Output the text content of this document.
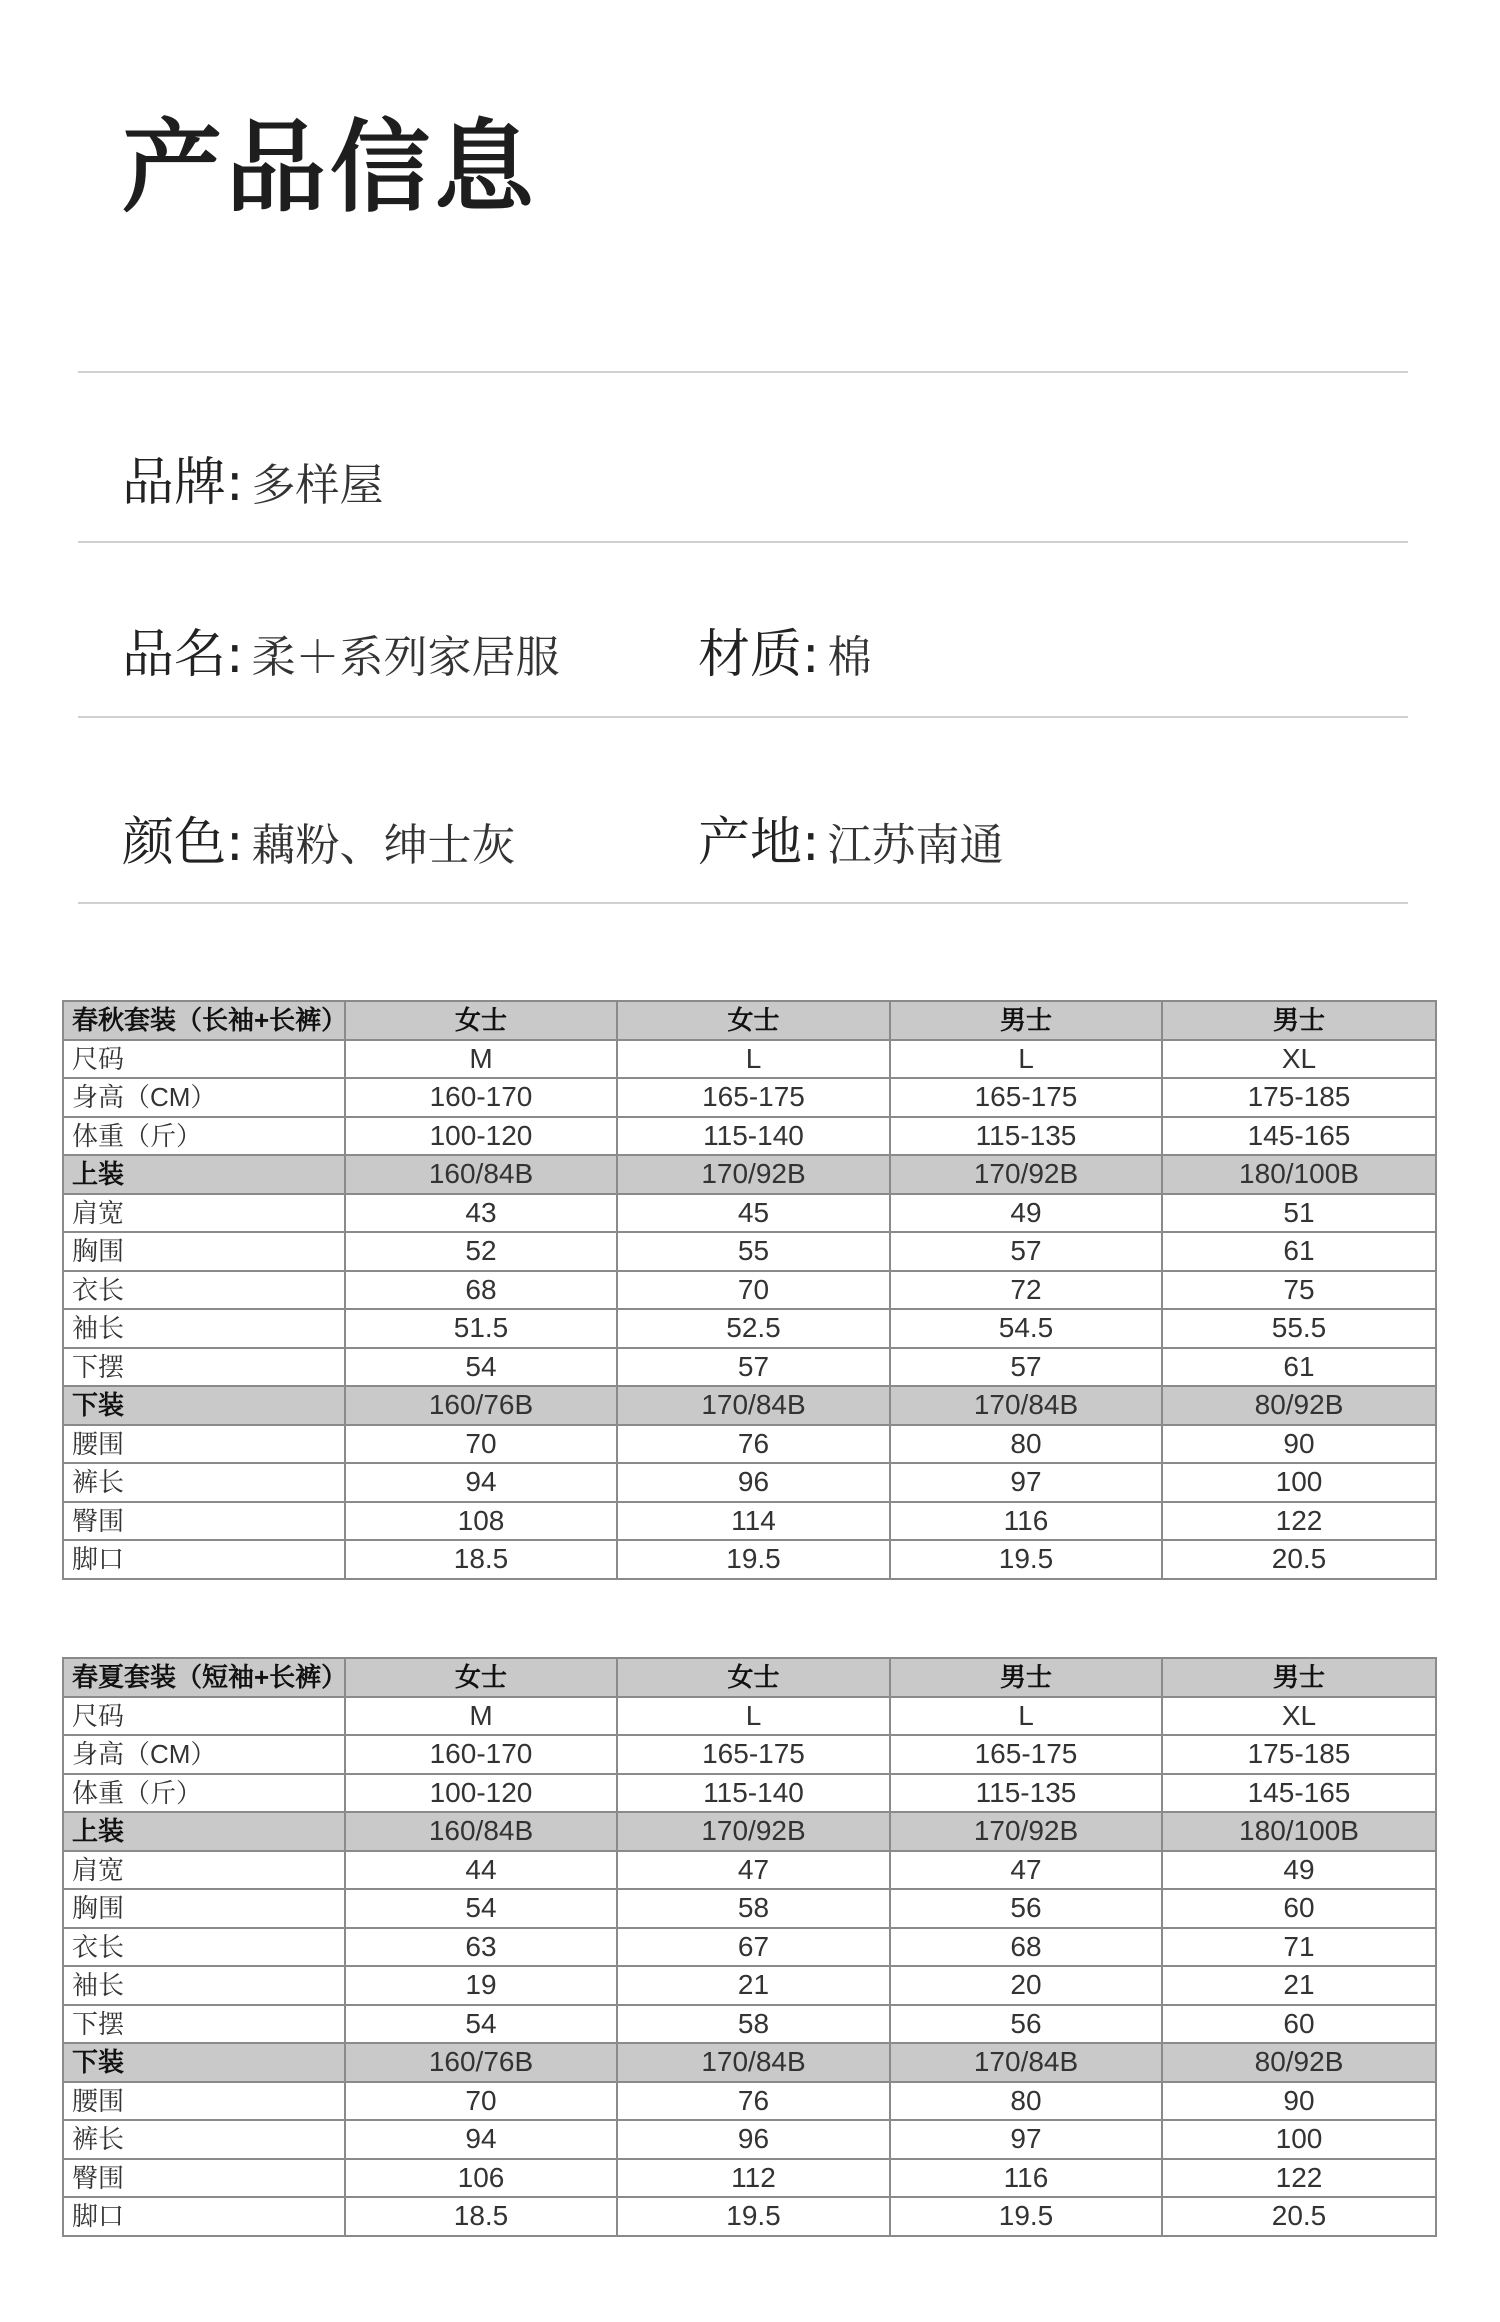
产品信息
品牌: 多样屋
品名: 柔＋系列家居服	材质: 棉
颜色: 藕粉、绅士灰	产地: 江苏南通
春秋套装（长袖+长裤）	女士	女士	男士	男士
尺码	M	L	L	XL
身高（CM）	160-170	165-175	165-175	175-185
体重（斤）	100-120	115-140	115-135	145-165
上装	160/84B	170/92B	170/92B	180/100B
肩宽	43	45	49	51
胸围	52	55	57	61
衣长	68	70	72	75
袖长	51.5	52.5	54.5	55.5
下摆	54	57	57	61
下装	160/76B	170/84B	170/84B	80/92B
腰围	70	76	80	90
裤长	94	96	97	100
臀围	108	114	116	122
脚口	18.5	19.5	19.5	20.5
春夏套装（短袖+长裤）	女士	女士	男士	男士
尺码	M	L	L	XL
身高（CM）	160-170	165-175	165-175	175-185
体重（斤）	100-120	115-140	115-135	145-165
上装	160/84B	170/92B	170/92B	180/100B
肩宽	44	47	47	49
胸围	54	58	56	60
衣长	63	67	68	71
袖长	19	21	20	21
下摆	54	58	56	60
下装	160/76B	170/84B	170/84B	80/92B
腰围	70	76	80	90
裤长	94	96	97	100
臀围	106	112	116	122
脚口	18.5	19.5	19.5	20.5
